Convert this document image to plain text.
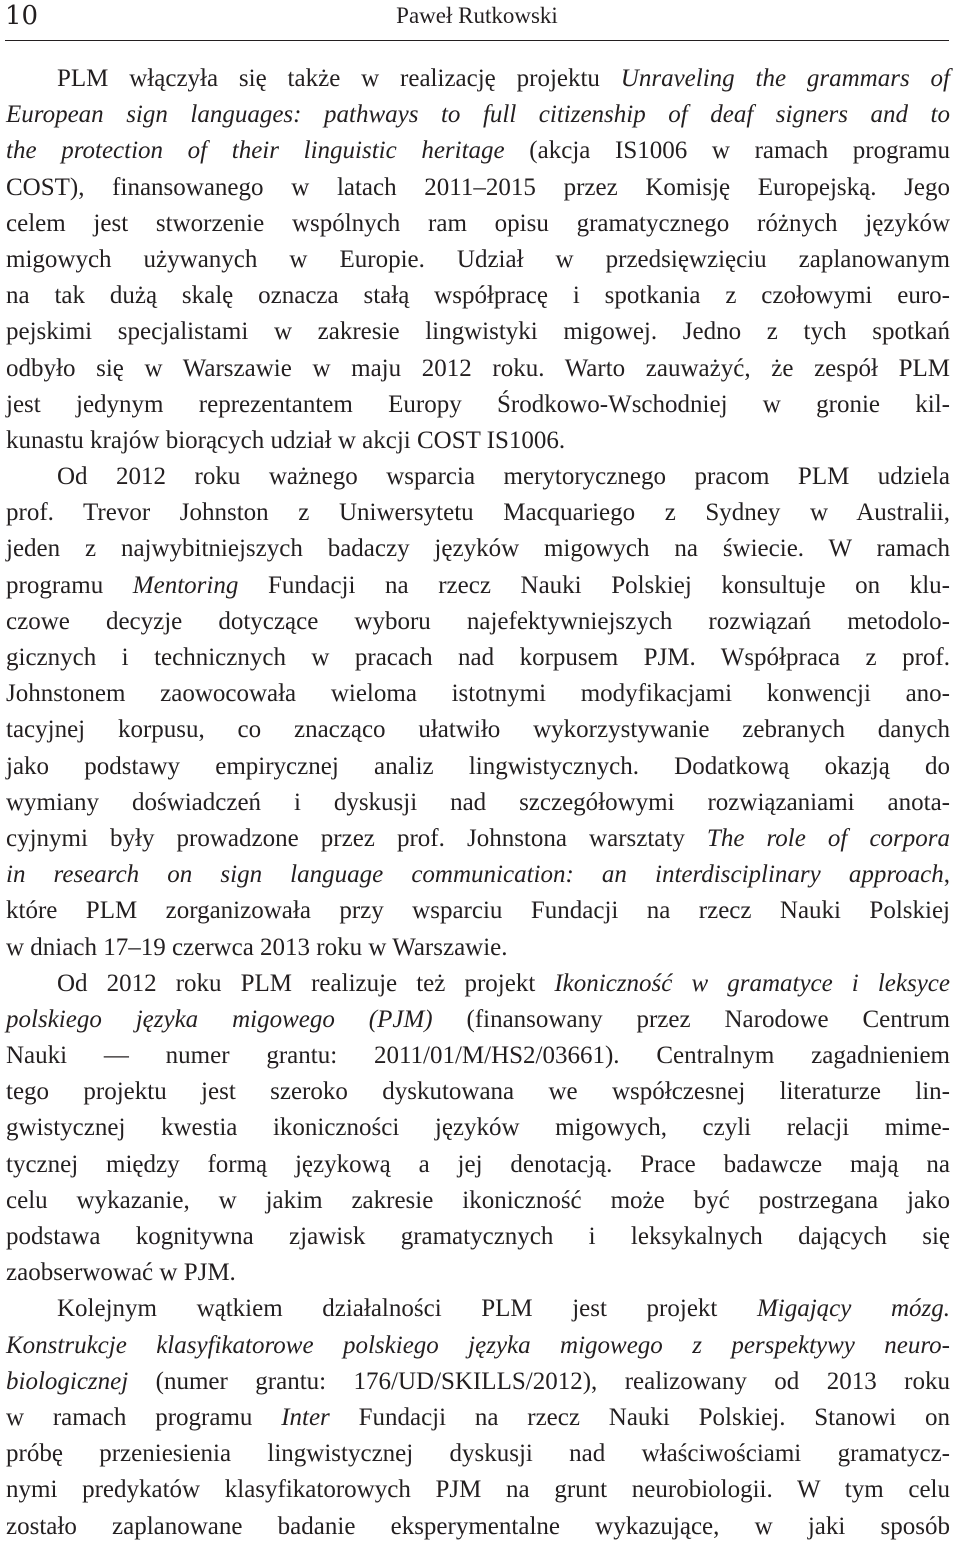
10	Paweł Rutkowski
PLM włączyła się także w realizację projektu Unraveling the grammars of
European sign languages: pathways to full citizenship of deaf signers and to
the protection of their linguistic heritage (akcja IS1006 w ramach programu
COST), finansowanego w latach 2011–2015 przez Komisję Europejską. Jego
celem jest stworzenie wspólnych ram opisu gramatycznego różnych języków
migowych używanych w Europie. Udział w przedsięwzięciu zaplanowanym
na tak dużą skalę oznacza stałą współpracę i spotkania z czołowymi euro-
pejskimi specjalistami w zakresie lingwistyki migowej. Jedno z tych spotkań
odbyło się w Warszawie w maju 2012 roku. Warto zauważyć, że zespół PLM
jest jedynym reprezentantem Europy Środkowo-Wschodniej w gronie kil-
kunastu krajów biorących udział w akcji COST IS1006.
Od 2012 roku ważnego wsparcia merytorycznego pracom PLM udziela
prof. Trevor Johnston z Uniwersytetu Macquariego z Sydney w Australii,
jeden z najwybitniejszych badaczy języków migowych na świecie. W ramach
programu Mentoring Fundacji na rzecz Nauki Polskiej konsultuje on klu-
czowe decyzje dotyczące wyboru najefektywniejszych rozwiązań metodolo-
gicznych i technicznych w pracach nad korpusem PJM. Współpraca z prof.
Johnstonem zaowocowała wieloma istotnymi modyfikacjami konwencji ano-
tacyjnej korpusu, co znacząco ułatwiło wykorzystywanie zebranych danych
jako podstawy empirycznej analiz lingwistycznych. Dodatkową okazją do
wymiany doświadczeń i dyskusji nad szczegółowymi rozwiązaniami anota-
cyjnymi były prowadzone przez prof. Johnstona warsztaty The role of corpora
in research on sign language communication: an interdisciplinary approach,
które PLM zorganizowała przy wsparciu Fundacji na rzecz Nauki Polskiej
w dniach 17–19 czerwca 2013 roku w Warszawie.
Od 2012 roku PLM realizuje też projekt Ikoniczność w gramatyce i leksyce
polskiego języka migowego (PJM) (finansowany przez Narodowe Centrum
Nauki — numer grantu: 2011/01/M/HS2/03661). Centralnym zagadnieniem
tego projektu jest szeroko dyskutowana we współczesnej literaturze lin-
gwistycznej kwestia ikoniczności języków migowych, czyli relacji mime-
tycznej między formą językową a jej denotacją. Prace badawcze mają na
celu wykazanie, w jakim zakresie ikoniczność może być postrzegana jako
podstawa kognitywna zjawisk gramatycznych i leksykalnych dających się
zaobserwować w PJM.
Kolejnym wątkiem działalności PLM jest projekt Migający mózg.
Konstrukcje klasyfikatorowe polskiego języka migowego z perspektywy neuro-
biologicznej (numer grantu: 176/UD/SKILLS/2012), realizowany od 2013 roku
w ramach programu Inter Fundacji na rzecz Nauki Polskiej. Stanowi on
próbę przeniesienia lingwistycznej dyskusji nad właściwościami gramatycz-
nymi predykatów klasyfikatorowych PJM na grunt neurobiologii. W tym celu
zostało zaplanowane badanie eksperymentalne wykazujące, w jaki sposób
